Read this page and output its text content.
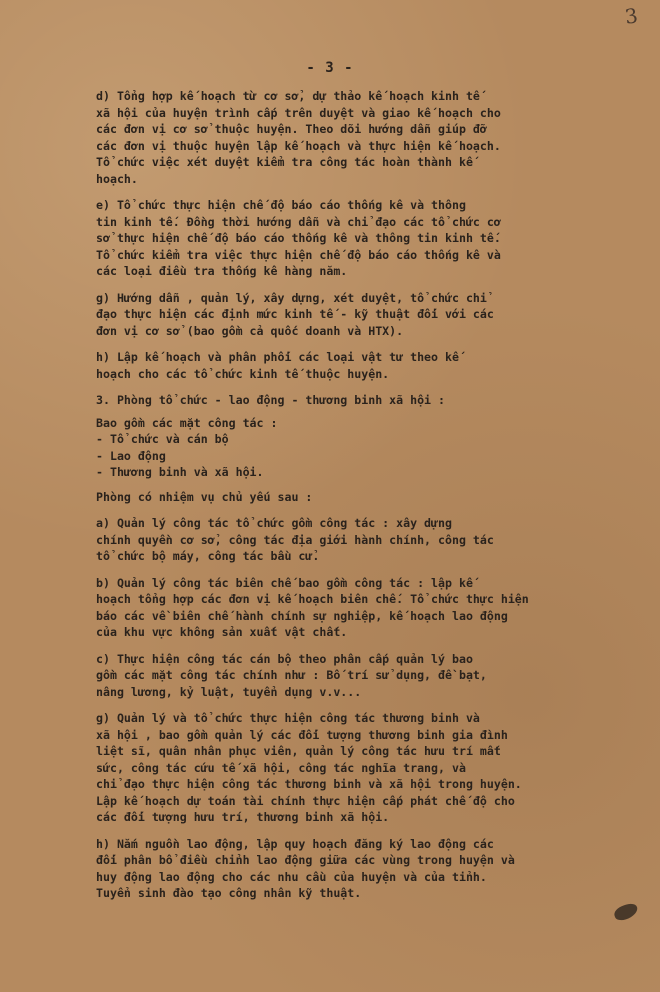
3
- 3 -
d) Tổng hợp kế hoạch từ cơ sở, dự thảo kế hoạch kinh tế
xã hội của huyện trình cấp trên duyệt và giao kế hoạch cho
các đơn vị cơ sở thuộc huyện. Theo dõi hướng dẫn giúp đỡ
các đơn vị thuộc huyện lập kế hoạch và thực hiện kế hoạch.
Tổ chức việc xét duyệt kiểm tra công tác hoàn thành kế
hoạch.
e) Tổ chức thực hiện chế độ báo cáo thống kê và thông
tin kinh tế. Đồng thời hướng dẫn và chỉ đạo các tổ chức cơ
sở thực hiện chế độ báo cáo thống kê và thông tin kinh tế.
Tổ chức kiểm tra việc thực hiện chế độ báo cáo thống kê và
các loại điều tra thống kê hàng năm.
g) Hướng dẫn , quản lý, xây dựng, xét duyệt, tổ chức chỉ
đạo thực hiện các định mức kinh tế - kỹ thuật đối với các
đơn vị cơ sở (bao gồm cả quốc doanh và HTX).
h) Lập kế hoạch và phân phối các loại vật tư theo kế
hoạch cho các tổ chức kinh tế thuộc huyện.
3. Phòng tổ chức - lao động - thương binh xã hội :
Bao gồm các mặt công tác :
- Tổ chức và cán bộ
- Lao động
- Thương binh và xã hội.
Phòng có nhiệm vụ chủ yếu sau :
a) Quản lý công tác tổ chức gồm công tác : xây dựng
chính quyền cơ sở, công tác địa giới hành chính, công tác
tổ chức bộ máy, công tác bầu cử.
b) Quản lý công tác biên chế bao gồm công tác : lập kế
hoạch tổng hợp các đơn vị kế hoạch biên chế. Tổ chức thực hiện
báo các về biên chế hành chính sự nghiệp, kế hoạch lao động
của khu vực không sản xuất vật chất.
c) Thực hiện công tác cán bộ theo phân cấp quản lý bao
gồm các mặt công tác chính như : Bố trí sử dụng, đề bạt,
nâng lương, kỷ luật, tuyển dụng v.v...
g) Quản lý và tổ chức thực hiện công tác thương binh và
xã hội , bao gồm quản lý các đối tượng thương binh gia đình
liệt sĩ, quân nhân phục viên, quản lý công tác hưu trí mất
sức, công tác cứu tế xã hội, công tác nghĩa trang, và
chỉ đạo thực hiện công tác thương binh và xã hội trong huyện.
Lập kế hoạch dự toán tài chính thực hiện cấp phát chế độ cho
các đối tượng hưu trí, thương binh xã hội.
h) Nắm nguồn lao động, lập quy hoạch đăng ký lao động các
đối phân bổ điều chỉnh lao động giữa các vùng trong huyện và
huy động lao động cho các nhu cầu của huyện và của tỉnh.
Tuyển sinh đào tạo công nhân kỹ thuật.
